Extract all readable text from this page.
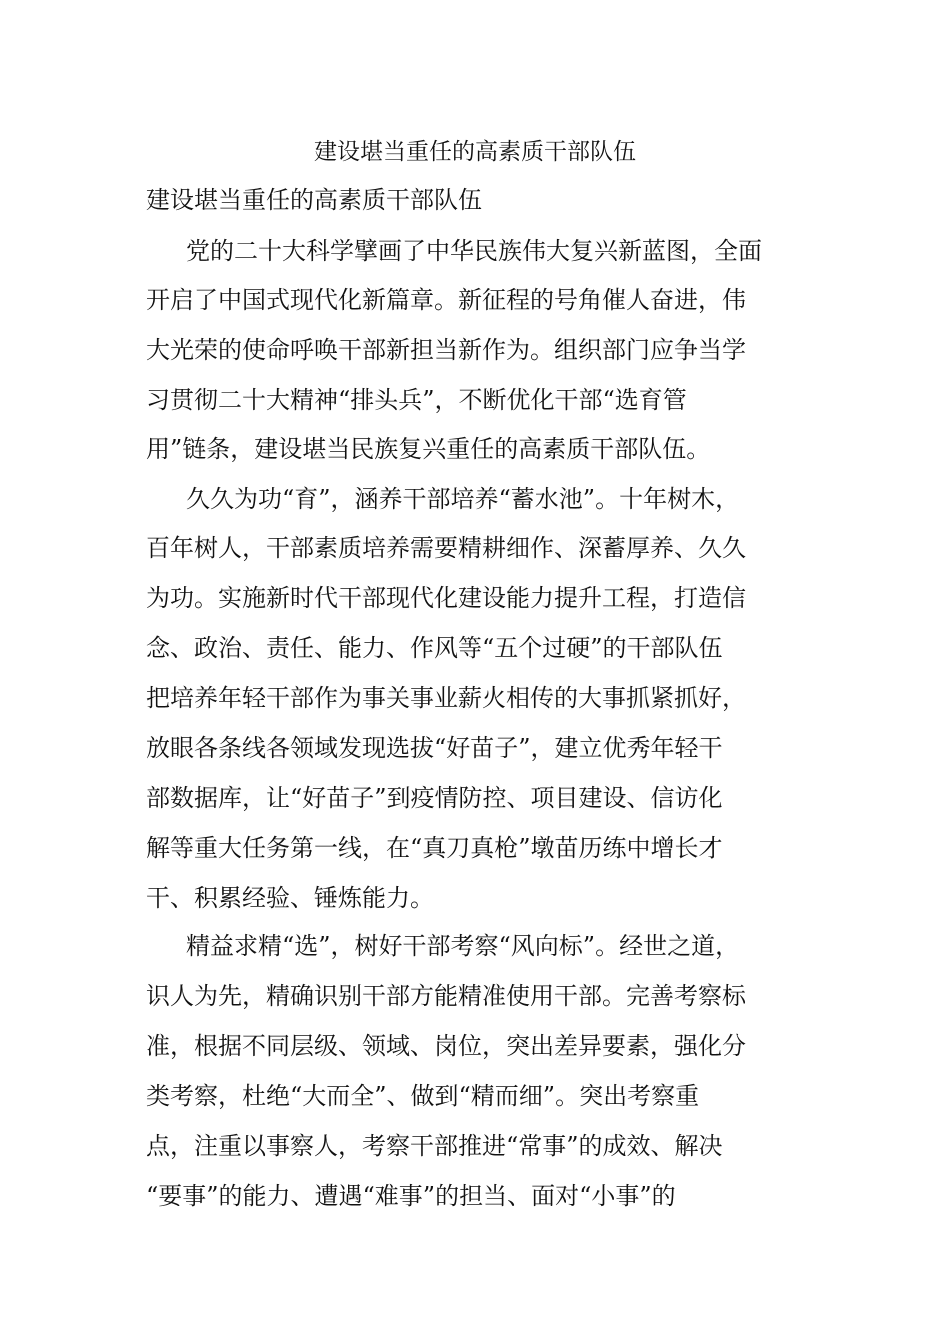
建设堪当重任的高素质干部队伍

建设堪当重任的高素质干部队伍

党的二十大科学擘画了中华民族伟大复兴新蓝图，全面

开启了中国式现代化新篇章。新征程的号角催人奋进，伟

大光荣的使命呼唤干部新担当新作为。组织部门应争当学

习贯彻二十大精神“排头兵”，不断优化干部“选育管

用”链条，建设堪当民族复兴重任的高素质干部队伍。

久久为功“育”，涵养干部培养“蓄水池”。十年树木，

百年树人，干部素质培养需要精耕细作、深蓄厚养、久久

为功。实施新时代干部现代化建设能力提升工程，打造信

念、政治、责任、能力、作风等“五个过硬”的干部队伍

把培养年轻干部作为事关事业薪火相传的大事抓紧抓好，

放眼各条线各领域发现选拔“好苗子”，建立优秀年轻干

部数据库，让“好苗子”到疫情防控、项目建设、信访化

解等重大任务第一线，在“真刀真枪”墩苗历练中增长才

干、积累经验、锤炼能力。

精益求精“选”，树好干部考察“风向标”。经世之道，

识人为先，精确识别干部方能精准使用干部。完善考察标

准，根据不同层级、领域、岗位，突出差异要素，强化分

类考察，杜绝“大而全”、做到“精而细”。突出考察重

点，注重以事察人，考察干部推进“常事”的成效、解决

“要事”的能力、遭遇“难事”的担当、面对“小事”的
